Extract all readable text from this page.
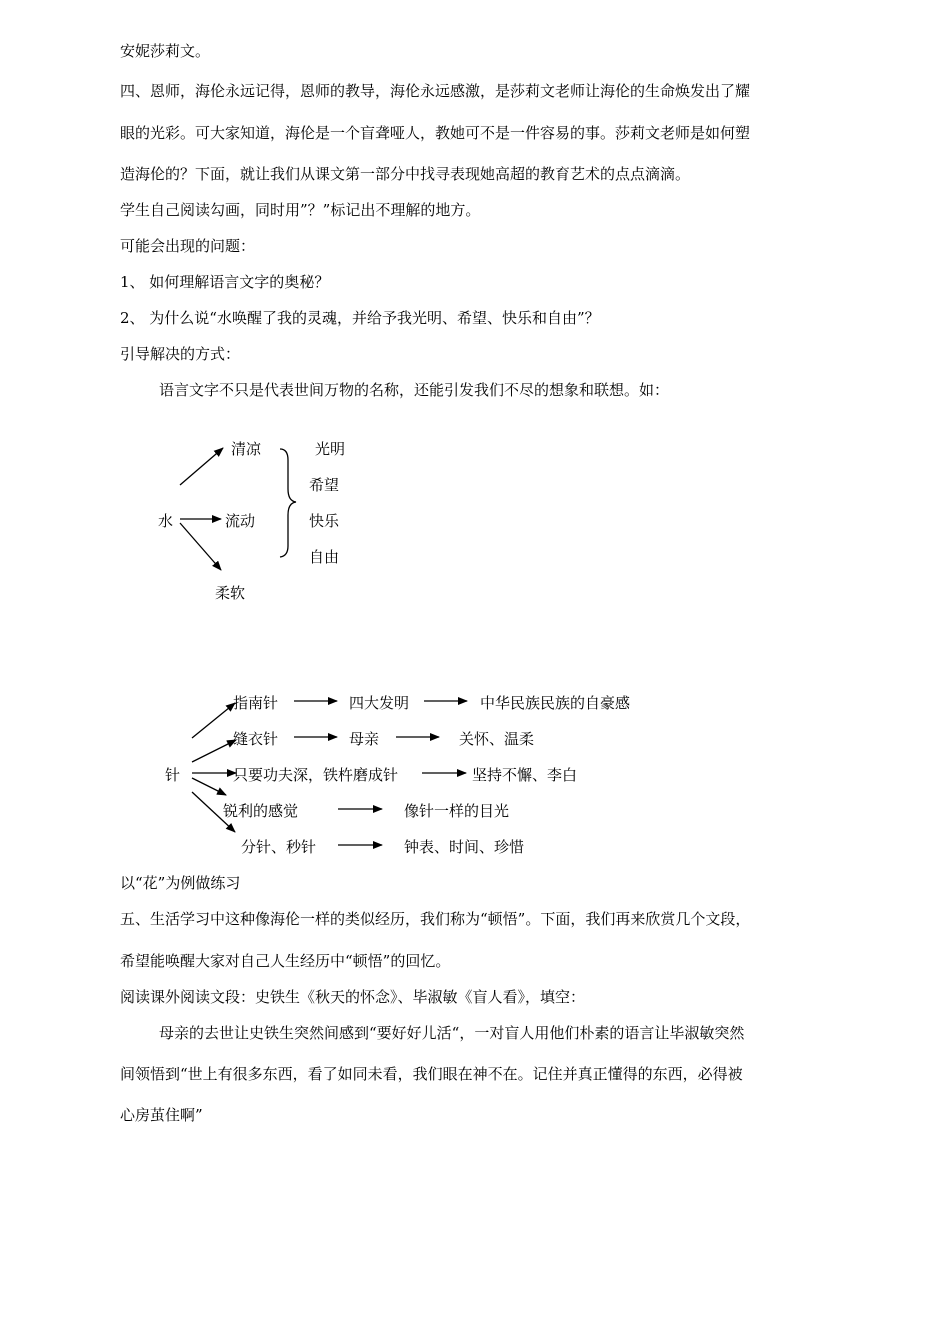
安妮莎莉文。
四、恩师，海伦永远记得，恩师的教导，海伦永远感激，是莎莉文老师让海伦的生命焕发出了耀
眼的光彩。可大家知道，海伦是一个盲聋哑人，教她可不是一件容易的事。莎莉文老师是如何塑
造海伦的？下面，就让我们从课文第一部分中找寻表现她高超的教育艺术的点点滴滴。
学生自己阅读勾画，同时用”？”标记出不理解的地方。
可能会出现的问题：
1、 如何理解语言文字的奥秘？
2、 为什么说“水唤醒了我的灵魂，并给予我光明、希望、快乐和自由”？
引导解决的方式：
语言文字不只是代表世间万物的名称，还能引发我们不尽的想象和联想。如：
水
清凉
流动
柔软
光明
希望
快乐
自由
针
指南针	四大发明	中华民族民族的自豪感
缝衣针	母亲	关怀、温柔
只要功夫深，铁杵磨成针	坚持不懈、李白
锐利的感觉	像针一样的目光
分针、秒针	钟表、时间、珍惜
以“花”为例做练习
五、生活学习中这种像海伦一样的类似经历，我们称为“顿悟”。下面，我们再来欣赏几个文段，
希望能唤醒大家对自己人生经历中“顿悟”的回忆。
阅读课外阅读文段：史铁生《秋天的怀念》、毕淑敏《盲人看》，填空：
母亲的去世让史铁生突然间感到“要好好儿活“，一对盲人用他们朴素的语言让毕淑敏突然
间领悟到“世上有很多东西，看了如同未看，我们眼在神不在。记住并真正懂得的东西，必得被
心房茧住啊”
